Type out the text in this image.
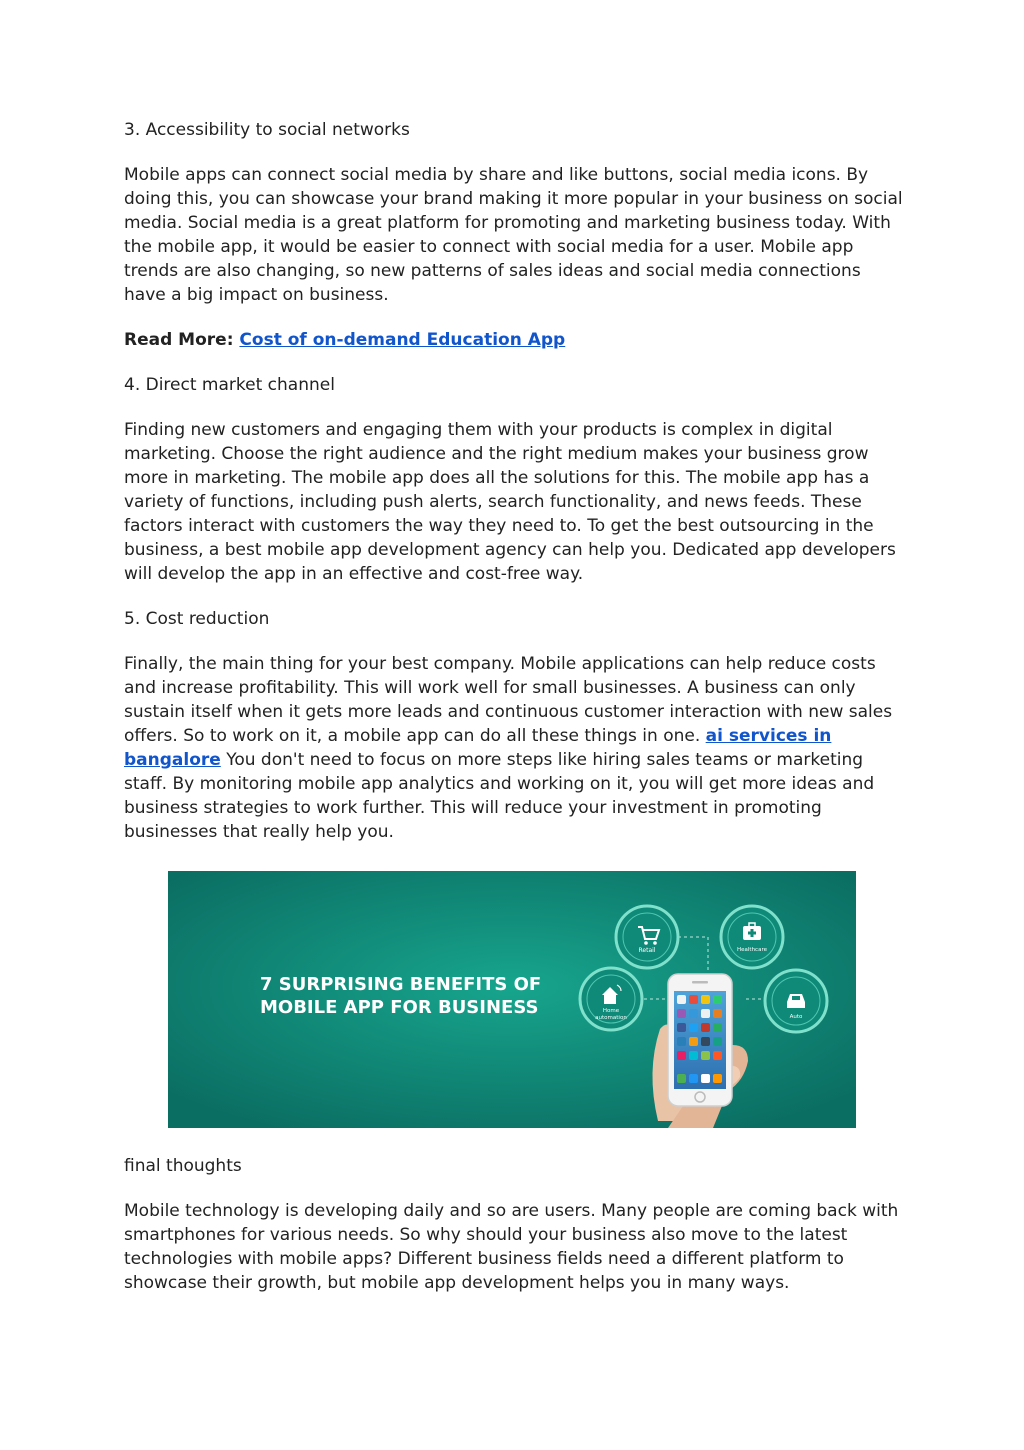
3. Accessibility to social networks

Mobile apps can connect social media by share and like buttons, social media icons. By doing this, you can showcase your brand making it more popular in your business on social media. Social media is a great platform for promoting and marketing business today. With the mobile app, it would be easier to connect with social media for a user. Mobile app trends are also changing, so new patterns of sales ideas and social media connections have a big impact on business.

Read More: Cost of on-demand Education App

4. Direct market channel

Finding new customers and engaging them with your products is complex in digital marketing. Choose the right audience and the right medium makes your business grow more in marketing. The mobile app does all the solutions for this. The mobile app has a variety of functions, including push alerts, search functionality, and news feeds. These factors interact with customers the way they need to. To get the best outsourcing in the business, a best mobile app development agency can help you. Dedicated app developers will develop the app in an effective and cost-free way.

5. Cost reduction

Finally, the main thing for your best company. Mobile applications can help reduce costs and increase profitability. This will work well for small businesses. A business can only sustain itself when it gets more leads and continuous customer interaction with new sales offers. So to work on it, a mobile app can do all these things in one. ai services in bangalore You don't need to focus on more steps like hiring sales teams or marketing staff. By monitoring mobile app analytics and working on it, you will get more ideas and business strategies to work further. This will reduce your investment in promoting businesses that really help you.

7 SURPRISING BENEFITS OF
MOBILE APP FOR BUSINESS
Retail	Healthcare
Home
automation	Auto

final thoughts

Mobile technology is developing daily and so are users. Many people are coming back with smartphones for various needs. So why should your business also move to the latest technologies with mobile apps? Different business fields need a different platform to showcase their growth, but mobile app development helps you in many ways.
